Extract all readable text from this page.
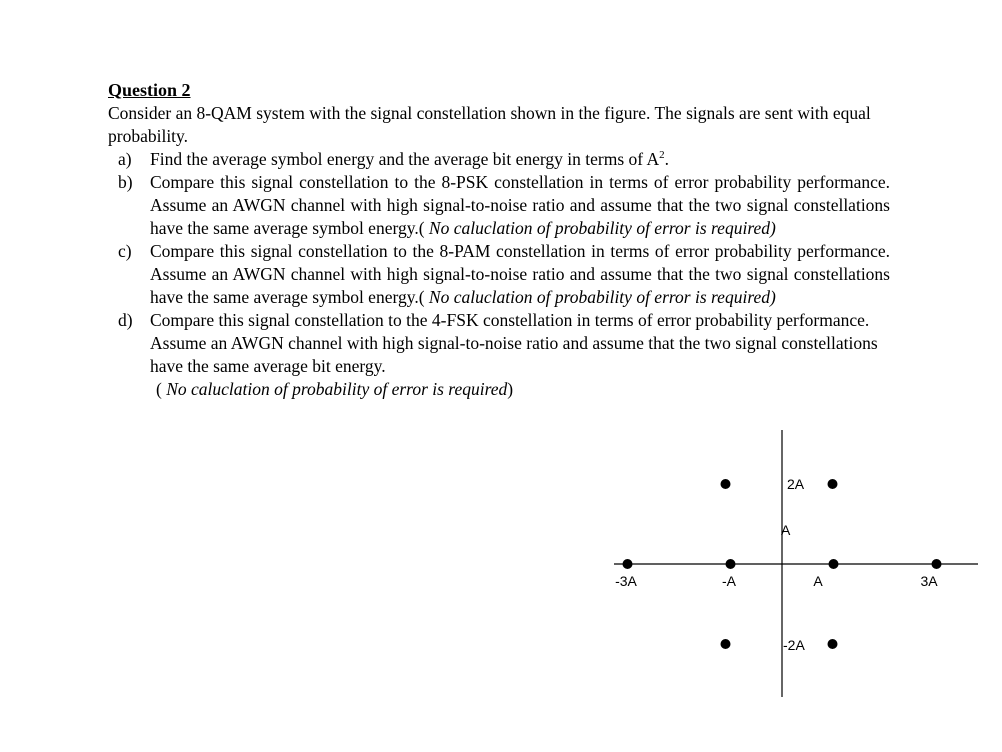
Question 2

Consider an 8-QAM system with the signal constellation shown in the figure. The signals are sent with equal probability.

a) Find the average symbol energy and the average bit energy in terms of $A^2$.
b) Compare this signal constellation to the 8-PSK constellation in terms of error probability performance. Assume an AWGN channel with high signal-to-noise ratio and assume that the two signal constellations have the same average symbol energy.( No caluclation of probability of error is required)
c) Compare this signal constellation to the 8-PAM constellation in terms of error probability performance. Assume an AWGN channel with high signal-to-noise ratio and assume that the two signal constellations have the same average symbol energy.( No caluclation of probability of error is required)
d) Compare this signal constellation to the 4-FSK constellation in terms of error probability performance. Assume an AWGN channel with high signal-to-noise ratio and assume that the two signal constellations have the same average bit energy.
( No caluclation of probability of error is required)
-3A	-A	A	3A
2A
A
-2A
